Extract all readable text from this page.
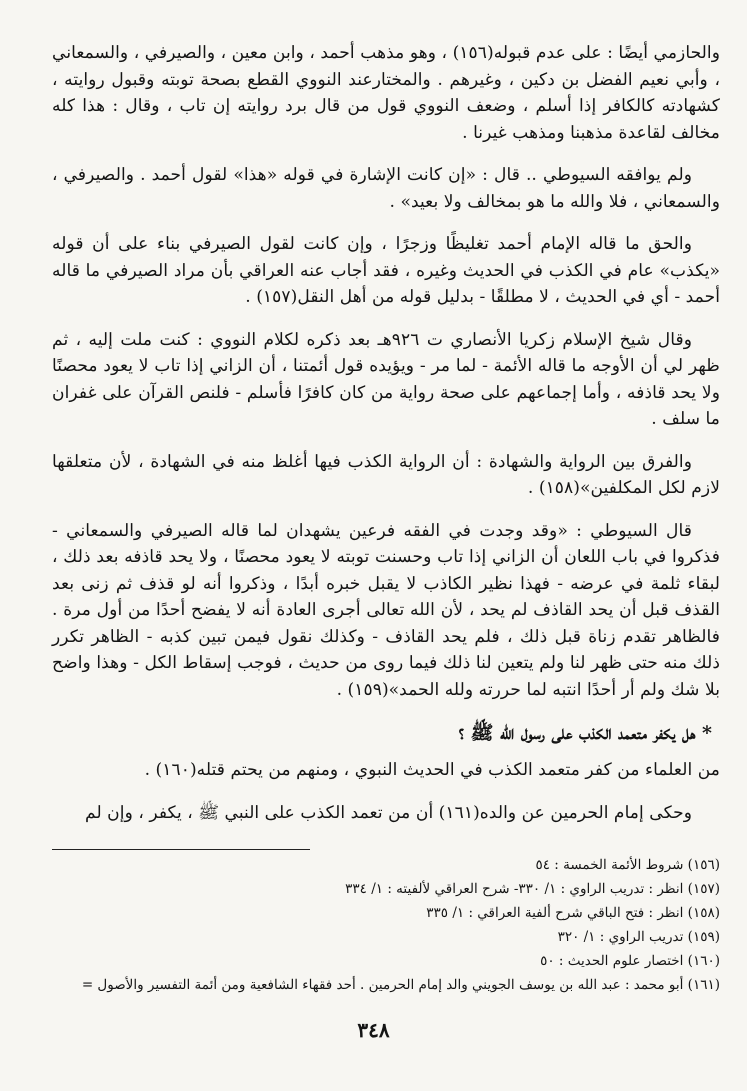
والحازمي أيضًا : على عدم قبوله(١٥٦) ، وهو مذهب أحمد ، وابن معين ، والصيرفي ، والسمعاني ، وأبي نعيم الفضل بن دكين ، وغيرهم . والمختارعند النووي القطع بصحة توبته وقبول روايته ، كشهادته كالكافر إذا أسلم ، وضعف النووي قول من قال برد روايته إن تاب ، وقال : هذا كله مخالف لقاعدة مذهبنا ومذهب غيرنا .

ولم يوافقه السيوطي .. قال : «إن كانت الإشارة في قوله «هذا» لقول أحمد . والصيرفي ، والسمعاني ، فلا والله ما هو بمخالف ولا بعيد» .

والحق ما قاله الإمام أحمد تغليظًا وزجرًا ، وإن كانت لقول الصيرفي بناء على أن قوله «يكذب» عام في الكذب في الحديث وغيره ، فقد أجاب عنه العراقي بأن مراد الصيرفي ما قاله أحمد - أي في الحديث ، لا مطلقًا - بدليل قوله من أهل النقل(١٥٧) .

وقال شيخ الإسلام زكريا الأنصاري ت ٩٢٦هـ بعد ذكره لكلام النووي : كنت ملت إليه ، ثم ظهر لي أن الأوجه ما قاله الأئمة - لما مر - ويؤيده قول أئمتنا ، أن الزاني إذا تاب لا يعود محصنًا ولا يحد قاذفه ، وأما إجماعهم على صحة رواية من كان كافرًا فأسلم - فلنص القرآن على غفران ما سلف .

والفرق بين الرواية والشهادة : أن الرواية الكذب فيها أغلظ منه في الشهادة ، لأن متعلقها لازم لكل المكلفين»(١٥٨) .

قال السيوطي : «وقد وجدت في الفقه فرعين يشهدان لما قاله الصيرفي والسمعاني - فذكروا في باب اللعان أن الزاني إذا تاب وحسنت توبته لا يعود محصنًا ، ولا يحد قاذفه بعد ذلك ، لبقاء ثلمة في عرضه - فهذا نظير الكاذب لا يقبل خبره أبدًا ، وذكروا أنه لو قذف ثم زنى بعد القذف قبل أن يحد القاذف لم يحد ، لأن الله تعالى أجرى العادة أنه لا يفضح أحدًا من أول مرة . فالظاهر تقدم زناة قبل ذلك ، فلم يحد القاذف - وكذلك نقول فيمن تبين كذبه - الظاهر تكرر ذلك منه حتى ظهر لنا ولم يتعين لنا ذلك فيما روى من حديث ، فوجب إسقاط الكل - وهذا واضح بلا شك ولم أر أحدًا انتبه لما حررته ولله الحمد»(١٥٩) .

* هل يكفر متعمد الكذب على رسول الله ﷺ ؟

من العلماء من كفر متعمد الكذب في الحديث النبوي ، ومنهم من يحتم قتله(١٦٠) .

وحكى إمام الحرمين عن والده(١٦١) أن من تعمد الكذب على النبي ﷺ ، يكفر ، وإن لم

(١٥٦) شروط الأئمة الخمسة : ٥٤
(١٥٧) انظر : تدريب الراوي : ١/ ٣٣٠- شرح العراقي لألفيته : ١/ ٣٣٤
(١٥٨) انظر : فتح الباقي شرح ألفية العراقي : ١/ ٣٣٥
(١٥٩) تدريب الراوي : ١/ ٣٢٠
(١٦٠) اختصار علوم الحديث : ٥٠
(١٦١) أبو محمد : عبد الله بن يوسف الجويني والد إمام الحرمين . أحد فقهاء الشافعية ومن أئمة التفسير والأصول =
٣٤٨
